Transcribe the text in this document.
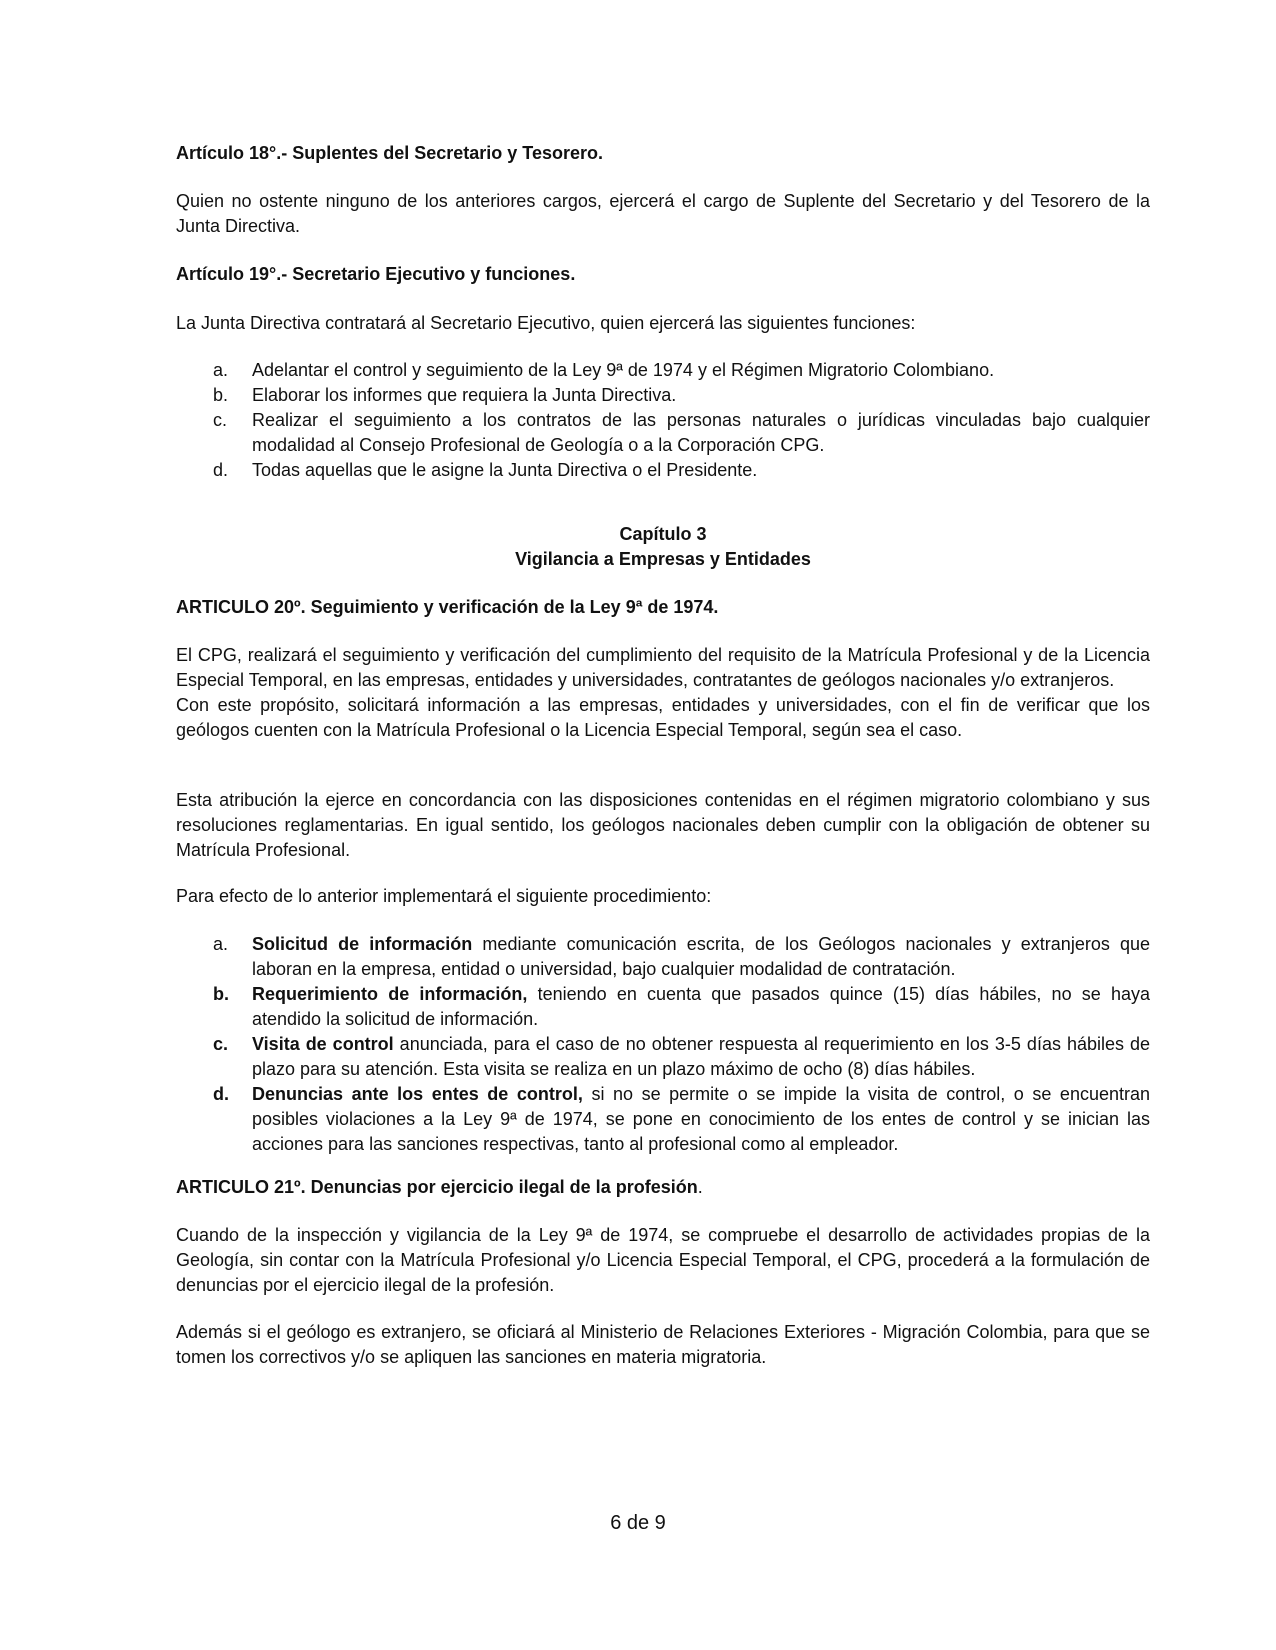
Artículo 18°.- Suplentes del Secretario y Tesorero.

Quien no ostente ninguno de los anteriores cargos, ejercerá el cargo de Suplente del Secretario y del Tesorero de la Junta Directiva.

Artículo 19°.- Secretario Ejecutivo y funciones.

La Junta Directiva contratará al Secretario Ejecutivo, quien ejercerá las siguientes funciones:

a. Adelantar el control y seguimiento de la Ley 9ª de 1974 y el Régimen Migratorio Colombiano.
b. Elaborar los informes que requiera la Junta Directiva.
c. Realizar el seguimiento a los contratos de las personas naturales o jurídicas vinculadas bajo cualquier modalidad al Consejo Profesional de Geología o a la Corporación CPG.
d. Todas aquellas que le asigne la Junta Directiva o el Presidente.

Capítulo 3

Vigilancia a Empresas y Entidades

ARTICULO 20º. Seguimiento y verificación de la Ley 9ª de 1974.

El CPG, realizará el seguimiento y verificación del cumplimiento del requisito de la Matrícula Profesional y de la Licencia Especial Temporal, en las empresas, entidades y universidades, contratantes de geólogos nacionales y/o extranjeros.

Con este propósito, solicitará información a las empresas, entidades y universidades, con el fin de verificar que los geólogos cuenten con la Matrícula Profesional o la Licencia Especial Temporal, según sea el caso.

Esta atribución la ejerce en concordancia con las disposiciones contenidas en el régimen migratorio colombiano y sus resoluciones reglamentarias. En igual sentido, los geólogos nacionales deben cumplir con la obligación de obtener su Matrícula Profesional.

Para efecto de lo anterior implementará el siguiente procedimiento:

a. Solicitud de información mediante comunicación escrita, de los Geólogos nacionales y extranjeros que laboran en la empresa, entidad o universidad, bajo cualquier modalidad de contratación.
b. Requerimiento de información, teniendo en cuenta que pasados quince (15) días hábiles, no se haya atendido la solicitud de información.
c. Visita de control anunciada, para el caso de no obtener respuesta al requerimiento en los 3-5 días hábiles de plazo para su atención. Esta visita se realiza en un plazo máximo de ocho (8) días hábiles.
d. Denuncias ante los entes de control, si no se permite o se impide la visita de control, o se encuentran posibles violaciones a la Ley 9ª de 1974, se pone en conocimiento de los entes de control y se inician las acciones para las sanciones respectivas, tanto al profesional como al empleador.

ARTICULO 21º. Denuncias por ejercicio ilegal de la profesión.

Cuando de la inspección y vigilancia de la Ley 9ª de 1974, se compruebe el desarrollo de actividades propias de la Geología, sin contar con la Matrícula Profesional y/o Licencia Especial Temporal, el CPG, procederá a la formulación de denuncias por el ejercicio ilegal de la profesión.

Además si el geólogo es extranjero, se oficiará al Ministerio de Relaciones Exteriores - Migración Colombia, para que se tomen los correctivos y/o se apliquen las sanciones en materia migratoria.

6 de 9
